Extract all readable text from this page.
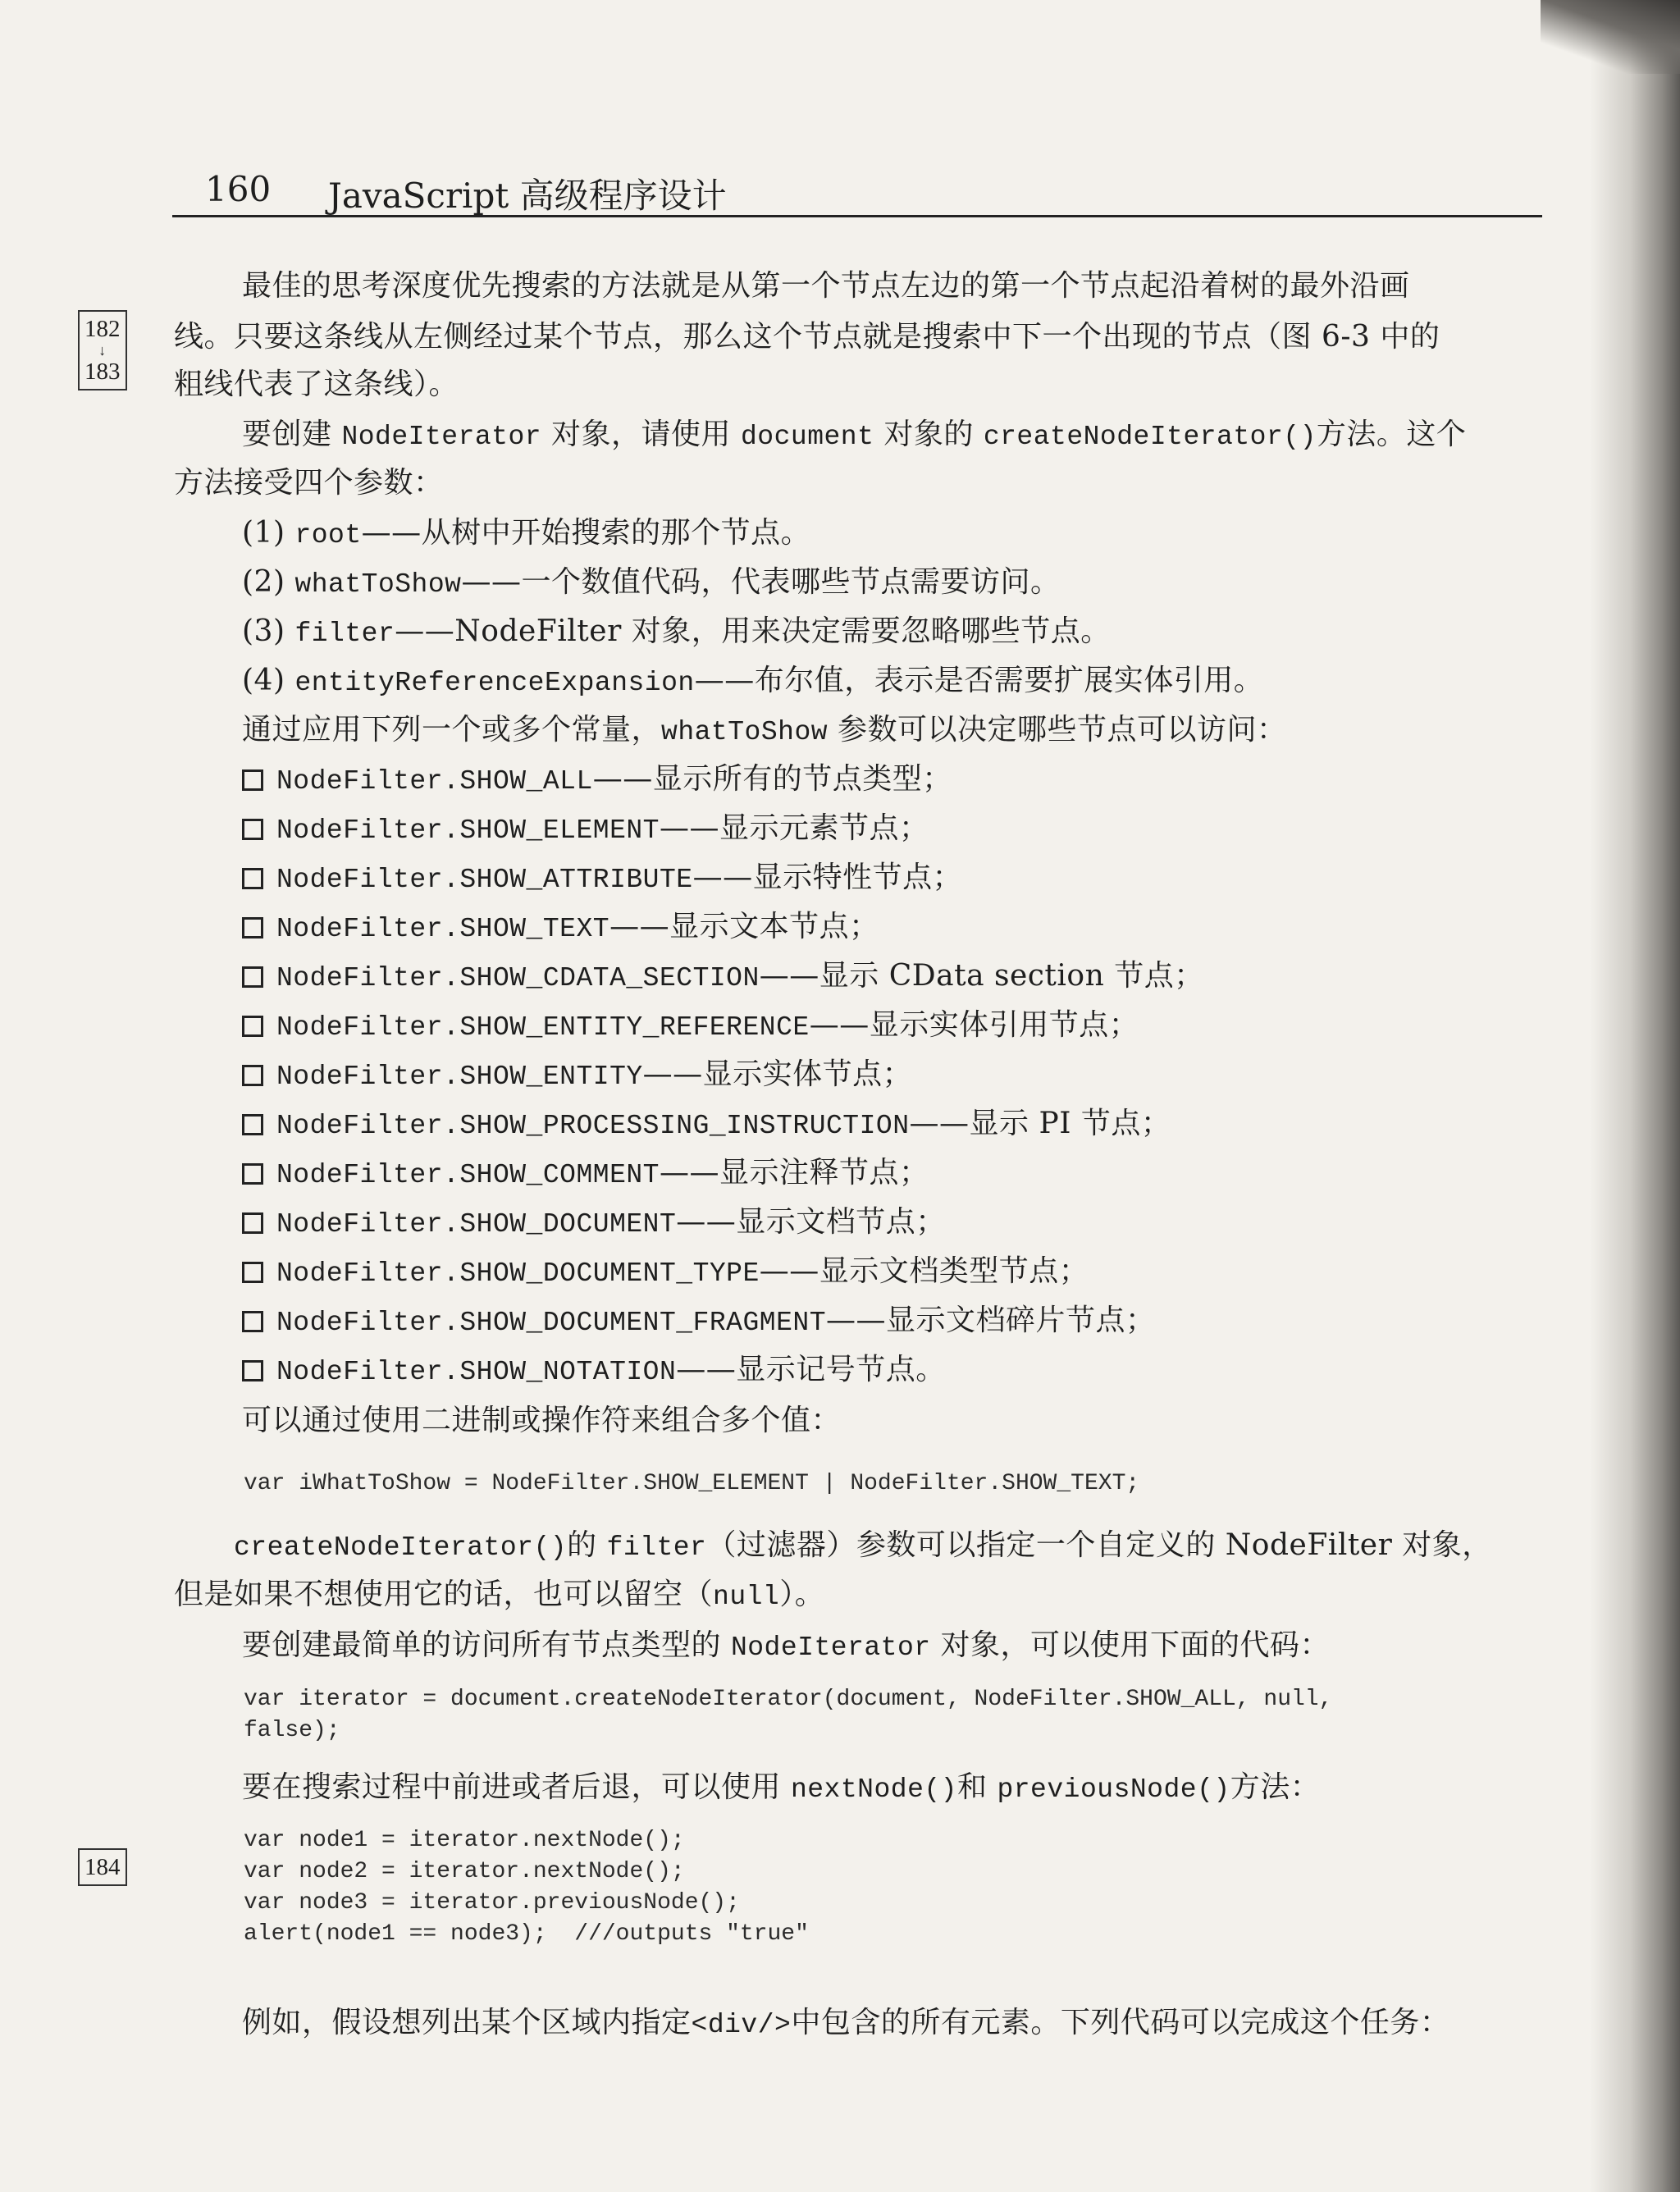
160 JavaScript 高级程序设计
182
↓
183
184
最佳的思考深度优先搜索的方法就是从第一个节点左边的第一个节点起沿着树的最外沿画
线。只要这条线从左侧经过某个节点，那么这个节点就是搜索中下一个出现的节点（图 6-3 中的
粗线代表了这条线）。
要创建 NodeIterator 对象，请使用 document 对象的 createNodeIterator()方法。这个
方法接受四个参数：
(1) root——从树中开始搜索的那个节点。
(2) whatToShow——一个数值代码，代表哪些节点需要访问。
(3) filter——NodeFilter 对象，用来决定需要忽略哪些节点。
(4) entityReferenceExpansion——布尔值，表示是否需要扩展实体引用。
通过应用下列一个或多个常量，whatToShow 参数可以决定哪些节点可以访问：
NodeFilter.SHOW_ALL——显示所有的节点类型；
NodeFilter.SHOW_ELEMENT——显示元素节点；
NodeFilter.SHOW_ATTRIBUTE——显示特性节点；
NodeFilter.SHOW_TEXT——显示文本节点；
NodeFilter.SHOW_CDATA_SECTION——显示 CData section 节点；
NodeFilter.SHOW_ENTITY_REFERENCE——显示实体引用节点；
NodeFilter.SHOW_ENTITY——显示实体节点；
NodeFilter.SHOW_PROCESSING_INSTRUCTION——显示 PI 节点；
NodeFilter.SHOW_COMMENT——显示注释节点；
NodeFilter.SHOW_DOCUMENT——显示文档节点；
NodeFilter.SHOW_DOCUMENT_TYPE——显示文档类型节点；
NodeFilter.SHOW_DOCUMENT_FRAGMENT——显示文档碎片节点；
NodeFilter.SHOW_NOTATION——显示记号节点。
可以通过使用二进制或操作符来组合多个值：
var iWhatToShow = NodeFilter.SHOW_ELEMENT | NodeFilter.SHOW_TEXT;
createNodeIterator()的 filter（过滤器）参数可以指定一个自定义的 NodeFilter 对象，
但是如果不想使用它的话，也可以留空（null）。
要创建最简单的访问所有节点类型的 NodeIterator 对象，可以使用下面的代码：
var iterator = document.createNodeIterator(document, NodeFilter.SHOW_ALL, null,
false);
要在搜索过程中前进或者后退，可以使用 nextNode()和 previousNode()方法：
var node1 = iterator.nextNode();
var node2 = iterator.nextNode();
var node3 = iterator.previousNode();
alert(node1 == node3);  ///outputs "true"
例如，假设想列出某个区域内指定<div/>中包含的所有元素。下列代码可以完成这个任务：
